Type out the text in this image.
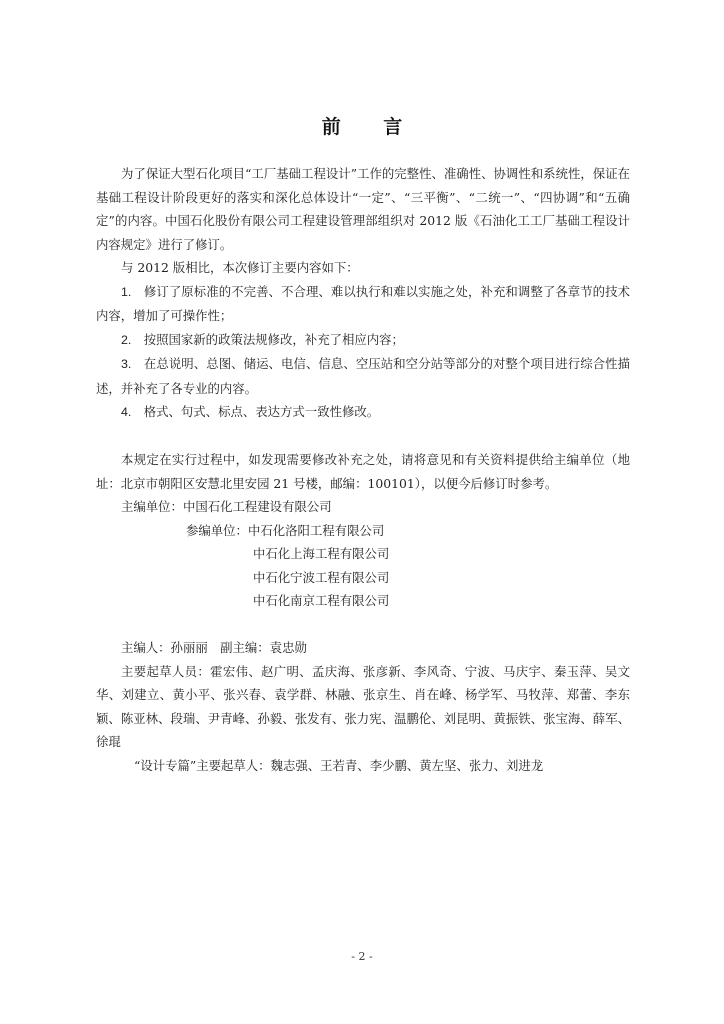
前 言

为了保证大型石化项目“工厂基础工程设计”工作的完整性、准确性、协调性和系统性，保证在基础工程设计阶段更好的落实和深化总体设计“一定”、“三平衡”、“二统一”、“四协调”和“五确定”的内容。中国石化股份有限公司工程建设管理部组织对 2012 版《石油化工工厂基础工程设计内容规定》进行了修订。

与 2012 版相比，本次修订主要内容如下：

1.　 修订了原标准的不完善、不合理、难以执行和难以实施之处，补充和调整了各章节的技术内容，增加了可操作性；

2.　 按照国家新的政策法规修改，补充了相应内容；

3.　 在总说明、总图、储运、电信、信息、空压站和空分站等部分的对整个项目进行综合性描述，并补充了各专业的内容。

4.　 格式、句式、标点、表达方式一致性修改。

本规定在实行过程中，如发现需要修改补充之处，请将意见和有关资料提供给主编单位（地址：北京市朝阳区安慧北里安园 21 号楼，邮编：100101），以便今后修订时参考。

主编单位：中国石化工程建设有限公司

参编单位：中石化洛阳工程有限公司
中石化上海工程有限公司
中石化宁波工程有限公司
中石化南京工程有限公司

主编人：孙丽丽　副主编：袁忠勋

主要起草人员：霍宏伟、赵广明、孟庆海、张彦新、李风奇、宁波、马庆宇、秦玉萍、吴文华、刘建立、黄小平、张兴春、袁学群、林融、张京生、肖在峰、杨学军、马牧萍、郑蕾、李东颖、陈亚林、段瑞、尹青峰、孙毅、张发有、张力宪、温鹏伦、刘昆明、黄振铁、张宝海、薛军、徐琨

“设计专篇”主要起草人：魏志强、王若青、李少鹏、黄左坚、张力、刘进龙

- 2 -
